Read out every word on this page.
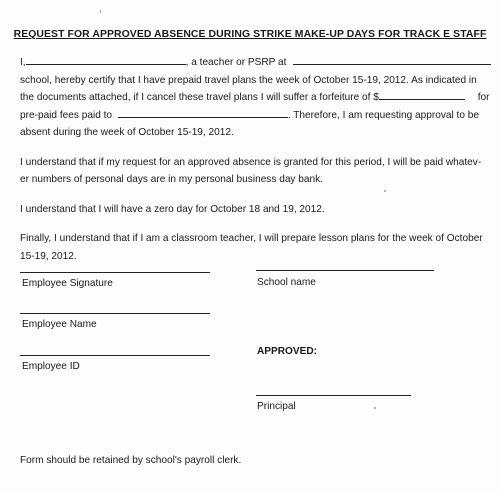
REQUEST FOR APPROVED ABSENCE DURING STRIKE MAKE-UP DAYS FOR TRACK E STAFF
I,	, a teacher or PSRP at
school, hereby certify that I have prepaid travel plans the week of October 15-19, 2012. As indicated in
the documents attached, if I cancel these travel plans I will suffer a forfeiture of $	for
pre-paid fees paid to	. Therefore, I am requesting approval to be
absent during the week of October 15-19, 2012.
I understand that if my request for an approved absence is granted for this period, I will be paid whatev-
er numbers of personal days are in my personal business day bank.
I understand that I will have a zero day for October 18 and 19, 2012.
Finally, I understand that if I am a classroom teacher, I will prepare lesson plans for the week of October
15-19, 2012.
Employee Signature	School name
Employee Name
APPROVED:
Employee ID
Principal
Form should be retained by school's payroll clerk.
